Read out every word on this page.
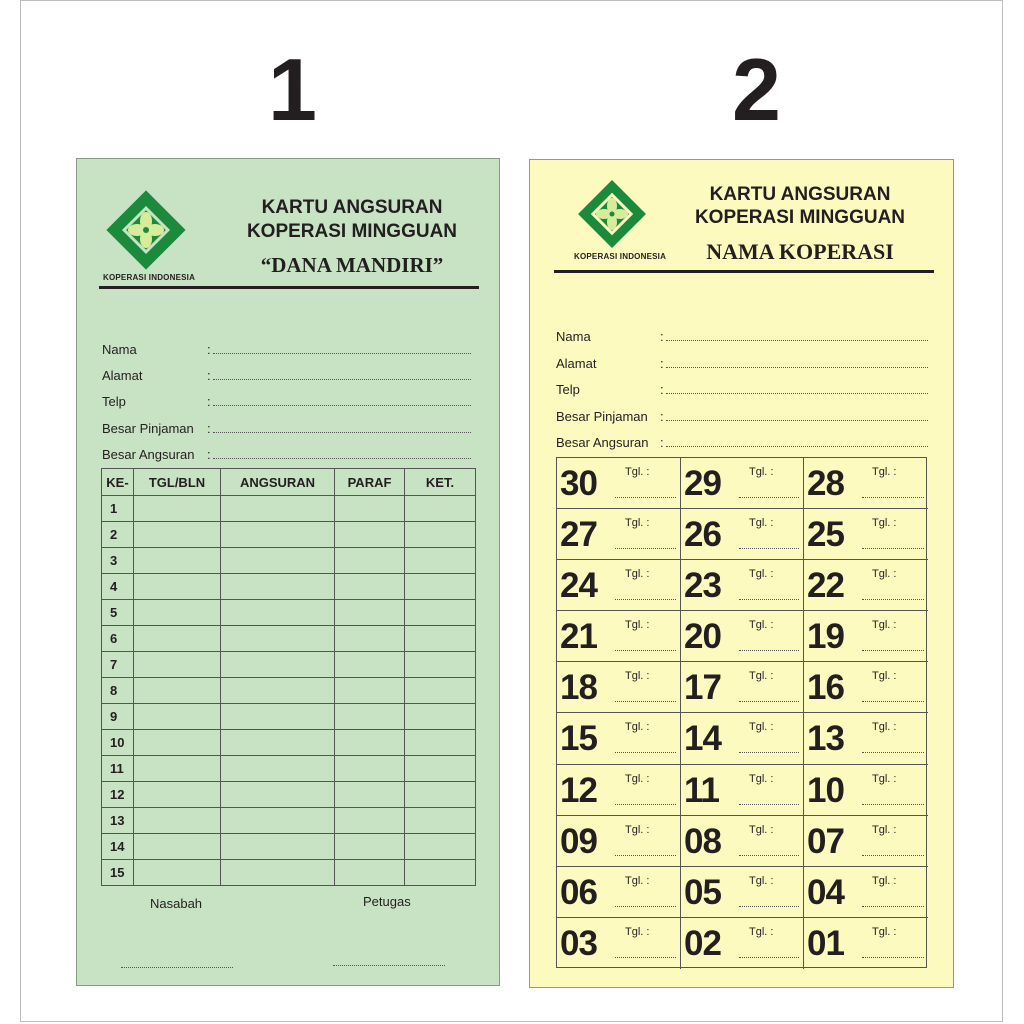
1	2
KOPERASI INDONESIA
KARTU ANGSURAN
KOPERASI MINGGUAN
“DANA MANDIRI”
Nama
Alamat
Telp
Besar Pinjaman
Besar Angsuran
:
:
:
:
:
KE-	TGL/BLN	ANGSURAN	PARAF	KET.
1				
2				
3				
4				
5				
6				
7				
8				
9				
10				
11				
12				
13				
14				
15				
Nasabah	Petugas
KOPERASI INDONESIA
KARTU ANGSURAN
KOPERASI MINGGUAN
NAMA KOPERASI
Nama
Alamat
Telp
Besar Pinjaman
Besar Angsuran
:
:
:
:
:
30	Tgl. : 29	Tgl. : 28	Tgl. :
27	Tgl. : 26	Tgl. : 25	Tgl. :
24	Tgl. : 23	Tgl. : 22	Tgl. :
21	Tgl. : 20	Tgl. : 19	Tgl. :
18	Tgl. : 17	Tgl. : 16	Tgl. :
15	Tgl. : 14	Tgl. : 13	Tgl. :
12	Tgl. : 11	Tgl. : 10	Tgl. :
09	Tgl. : 08	Tgl. : 07	Tgl. :
06	Tgl. : 05	Tgl. : 04	Tgl. :
03	Tgl. : 02	Tgl. : 01	Tgl. :
